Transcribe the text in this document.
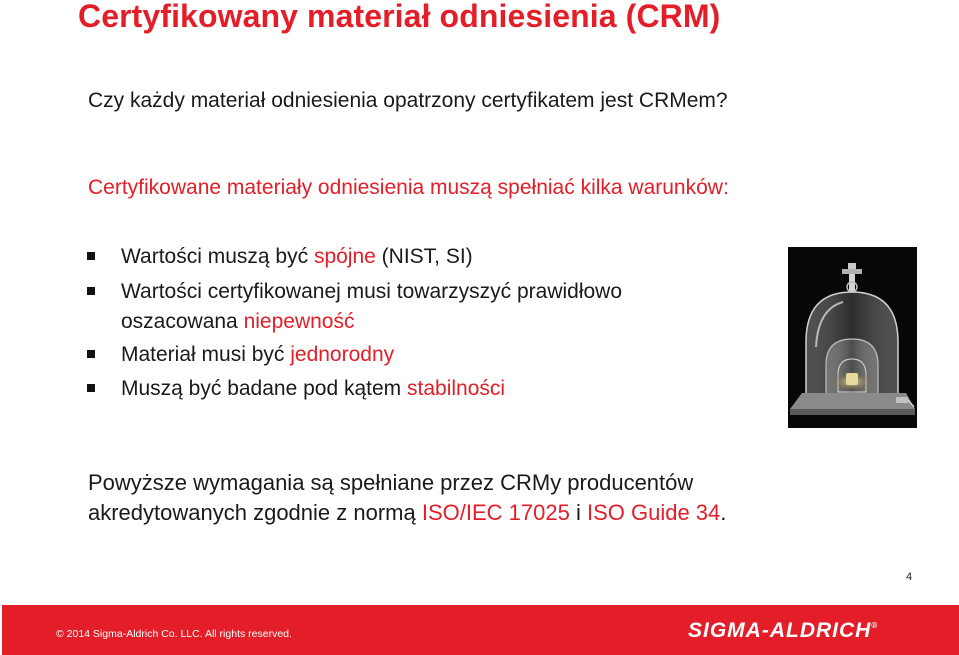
Certyfikowany materiał odniesienia (CRM)
Czy każdy materiał odniesienia opatrzony certyfikatem jest CRMem?
Certyfikowane materiały odniesienia muszą spełniać kilka warunków:
Wartości muszą być spójne (NIST, SI)
Wartości certyfikowanej musi towarzyszyć prawidłowo
oszacowana niepewność
Materiał musi być jednorodny
Muszą być badane pod kątem stabilności
Powyższe wymagania są spełniane przez CRMy producentów
akredytowanych zgodnie z normą ISO/IEC 17025 i ISO Guide 34.
4
© 2014 Sigma-Aldrich Co. LLC. All rights reserved.	SIGMA-ALDRICH®
